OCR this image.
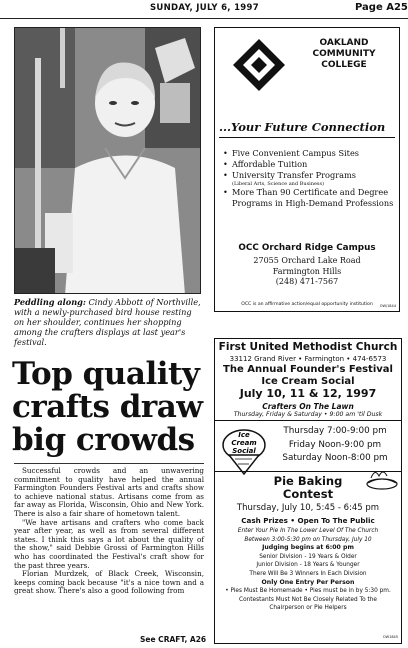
SUNDAY, JULY 6, 1997	Page A25
Peddling along: Cindy Abbott of Northville, with a newly-purchased bird house resting on her shoulder, continues her shopping among the crafters displays at last year's festival.
Top quality crafts draw big crowds

Successful crowds and an unwavering commitment to quality have helped the annual Farmington Founders Festival arts and crafts show to achieve national status. Artisans come from as far away as Florida, Wisconsin, Ohio and New York. There is also a fair share of hometown talent.

"We have artisans and crafters who come back year after year, as well as from several different states. I think this says a lot about the quality of the show," said Debbie Grossi of Farmington Hills who has coordinated the Festival's craft show for the past three years.

Florian Murdzek, of Black Creek, Wisconsin, keeps coming back because "it's a nice town and a great show. There's also a good following from

See CRAFT, A26
OAKLAND
COMMUNITY
COLLEGE
...Your Future Connection
• Five Convenient Campus Sites
• Affordable Tuition
• University Transfer Programs
(Liberal Arts, Science and Business)
• More Than 90 Certificate and Degree Programs in High-Demand Professions
OCC Orchard Ridge Campus
27055 Orchard Lake Road
Farmington Hills
(248) 471-7567
OCC is an affirmative action/equal opportunity institution	OW/1844
First United Methodist Church
33112 Grand River • Farmington • 474-6573
The Annual Founder's Festival
Ice Cream Social
July 10, 11 & 12, 1997
Crafters On The Lawn
Thursday, Friday & Saturday • 9:00 am 'til Dusk
Ice
Cream
Social
Thursday 7:00-9:00 pm
Friday Noon-9:00 pm
Saturday Noon-8:00 pm
Pie Baking
Contest
Thursday, July 10, 5:45 - 6:45 pm
Cash Prizes • Open To The Public
Enter Your Pie In The Lower Level Of The Church
Between 3:00-5:30 pm on Thursday, July 10
Judging begins at 6:00 pm
Senior Division - 19 Years & Older
Junior Division - 18 Years & Younger
There Will Be 3 Winners In Each Division
Only One Entry Per Person
• Pies Must Be Homemade • Pies must be in by 5:30 pm.
Contestants Must Not Be Closely Related To the
Chairperson or Pie Helpers
OW1845
